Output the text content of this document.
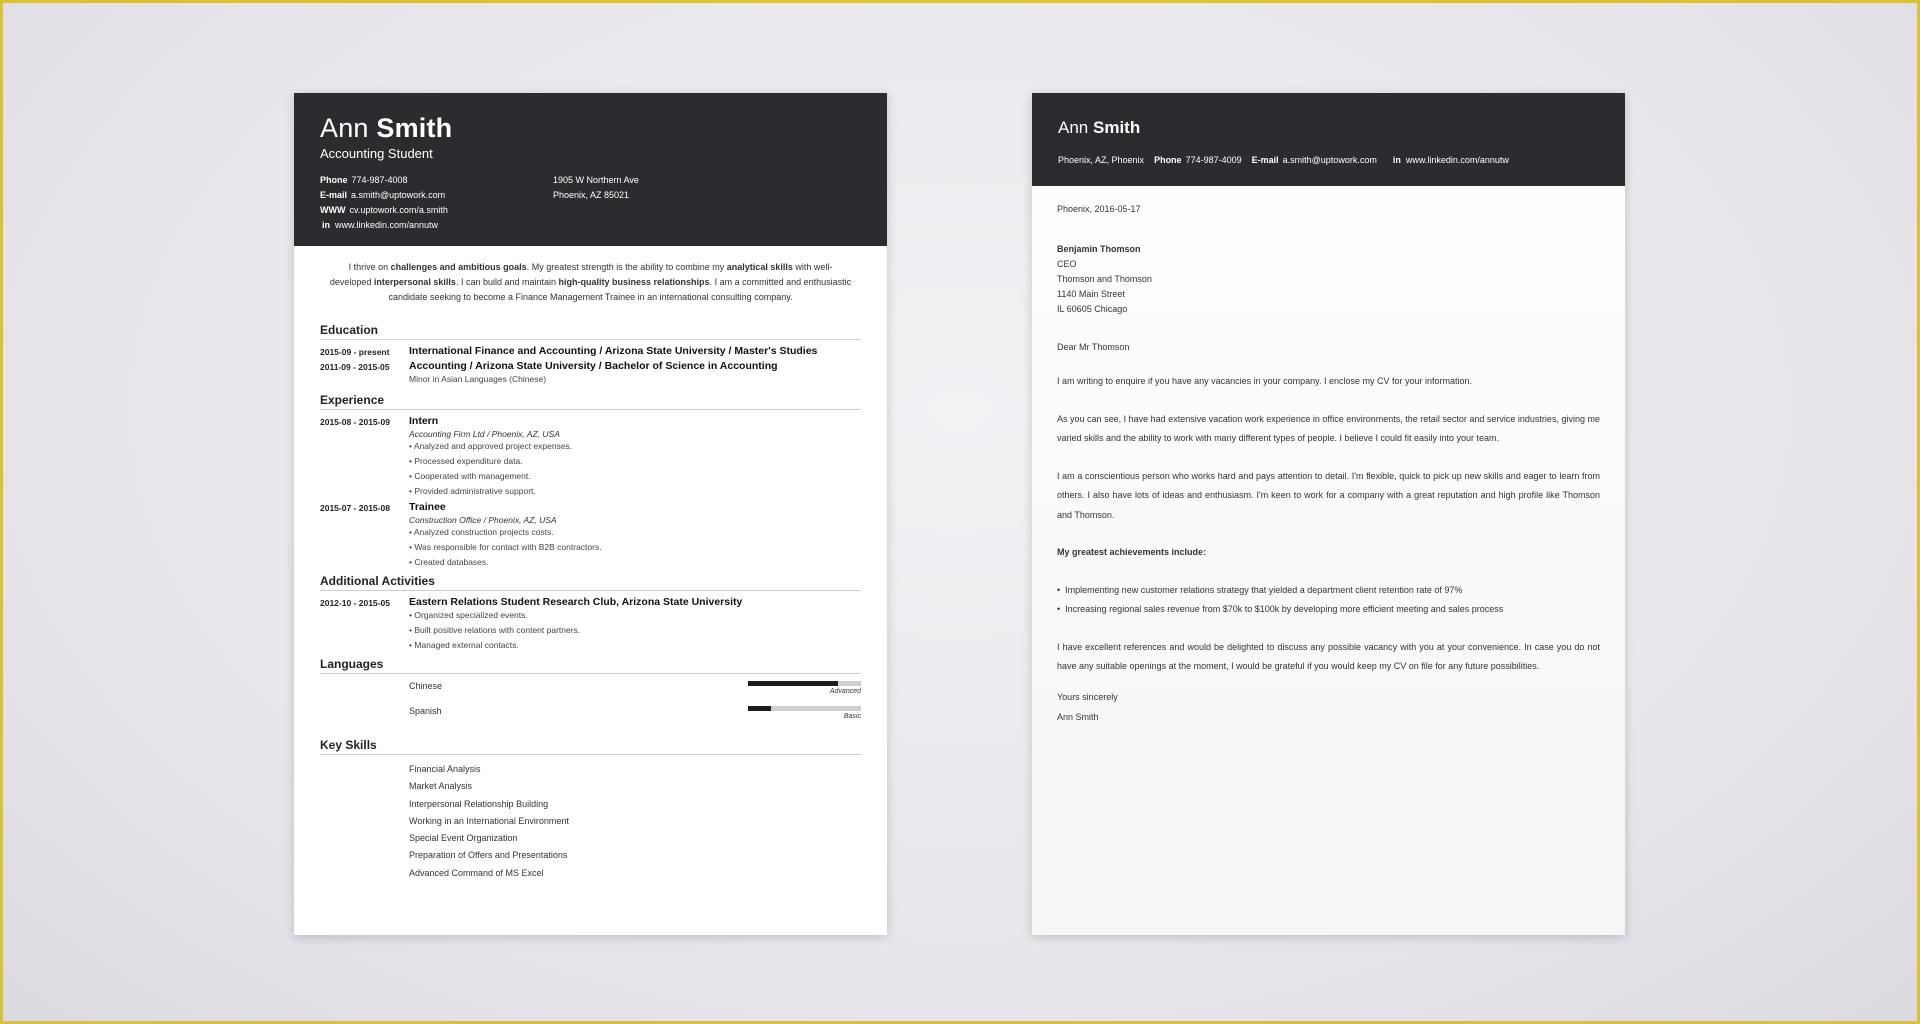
Ann Smith
Accounting Student
Phone 774-987-4008
E-mail a.smith@uptowork.com
WWW cv.uptowork.com/a.smith
in www.linkedin.com/annutw
1905 W Northern Ave
Phoenix, AZ 85021
I thrive on challenges and ambitious goals. My greatest strength is the ability to combine my analytical skills with well-developed interpersonal skills. I can build and maintain high-quality business relationships. I am a committed and enthusiastic candidate seeking to become a Finance Management Trainee in an international consulting company.
Education
2015-09 - present	International Finance and Accounting / Arizona State University / Master's Studies
2011-09 - 2015-05	Accounting / Arizona State University / Bachelor of Science in Accounting
Minor in Asian Languages (Chinese)
Experience
2015-08 - 2015-09	Intern
Accounting Firm Ltd / Phoenix, AZ, USA
• Analyzed and approved project expenses.
• Processed expenditure data.
• Cooperated with management.
• Provided administrative support.
2015-07 - 2015-08	Trainee
Construction Office / Phoenix, AZ, USA
• Analyzed construction projects costs.
• Was responsible for contact with B2B contractors.
• Created databases.
Additional Activities
2012-10 - 2015-05	Eastern Relations Student Research Club, Arizona State University
• Organized specialized events.
• Built positive relations with content partners.
• Managed external contacts.
Languages
Chinese
Advanced
Spanish
Basic
Key Skills
Financial Analysis
Market Analysis
Interpersonal Relationship Building
Working in an International Environment
Special Event Organization
Preparation of Offers and Presentations
Advanced Command of MS Excel
Ann Smith
Phoenix, AZ, Phoenix Phone 774-987-4009 E-mail a.smith@uptowork.com	in www.linkedin.com/annutw
Phoenix, 2016-05-17
Benjamin Thomson
CEO
Thomson and Thomson
1140 Main Street
IL 60605 Chicago
Dear Mr Thomson
I am writing to enquire if you have any vacancies in your company. I enclose my CV for your information.
As you can see, I have had extensive vacation work experience in office environments, the retail sector and service industries, giving me varied skills and the ability to work with many different types of people. I believe I could fit easily into your team.
I am a conscientious person who works hard and pays attention to detail. I'm flexible, quick to pick up new skills and eager to learn from others. I also have lots of ideas and enthusiasm. I'm keen to work for a company with a great reputation and high profile like Thomson and Thomson.
My greatest achievements include:
•  Implementing new customer relations strategy that yielded a department client retention rate of 97%
•  Increasing regional sales revenue from $70k to $100k by developing more efficient meeting and sales process
I have excellent references and would be delighted to discuss any possible vacancy with you at your convenience. In case you do not have any suitable openings at the moment, I would be grateful if you would keep my CV on file for any future possibilities.
Yours sincerely
Ann Smith
